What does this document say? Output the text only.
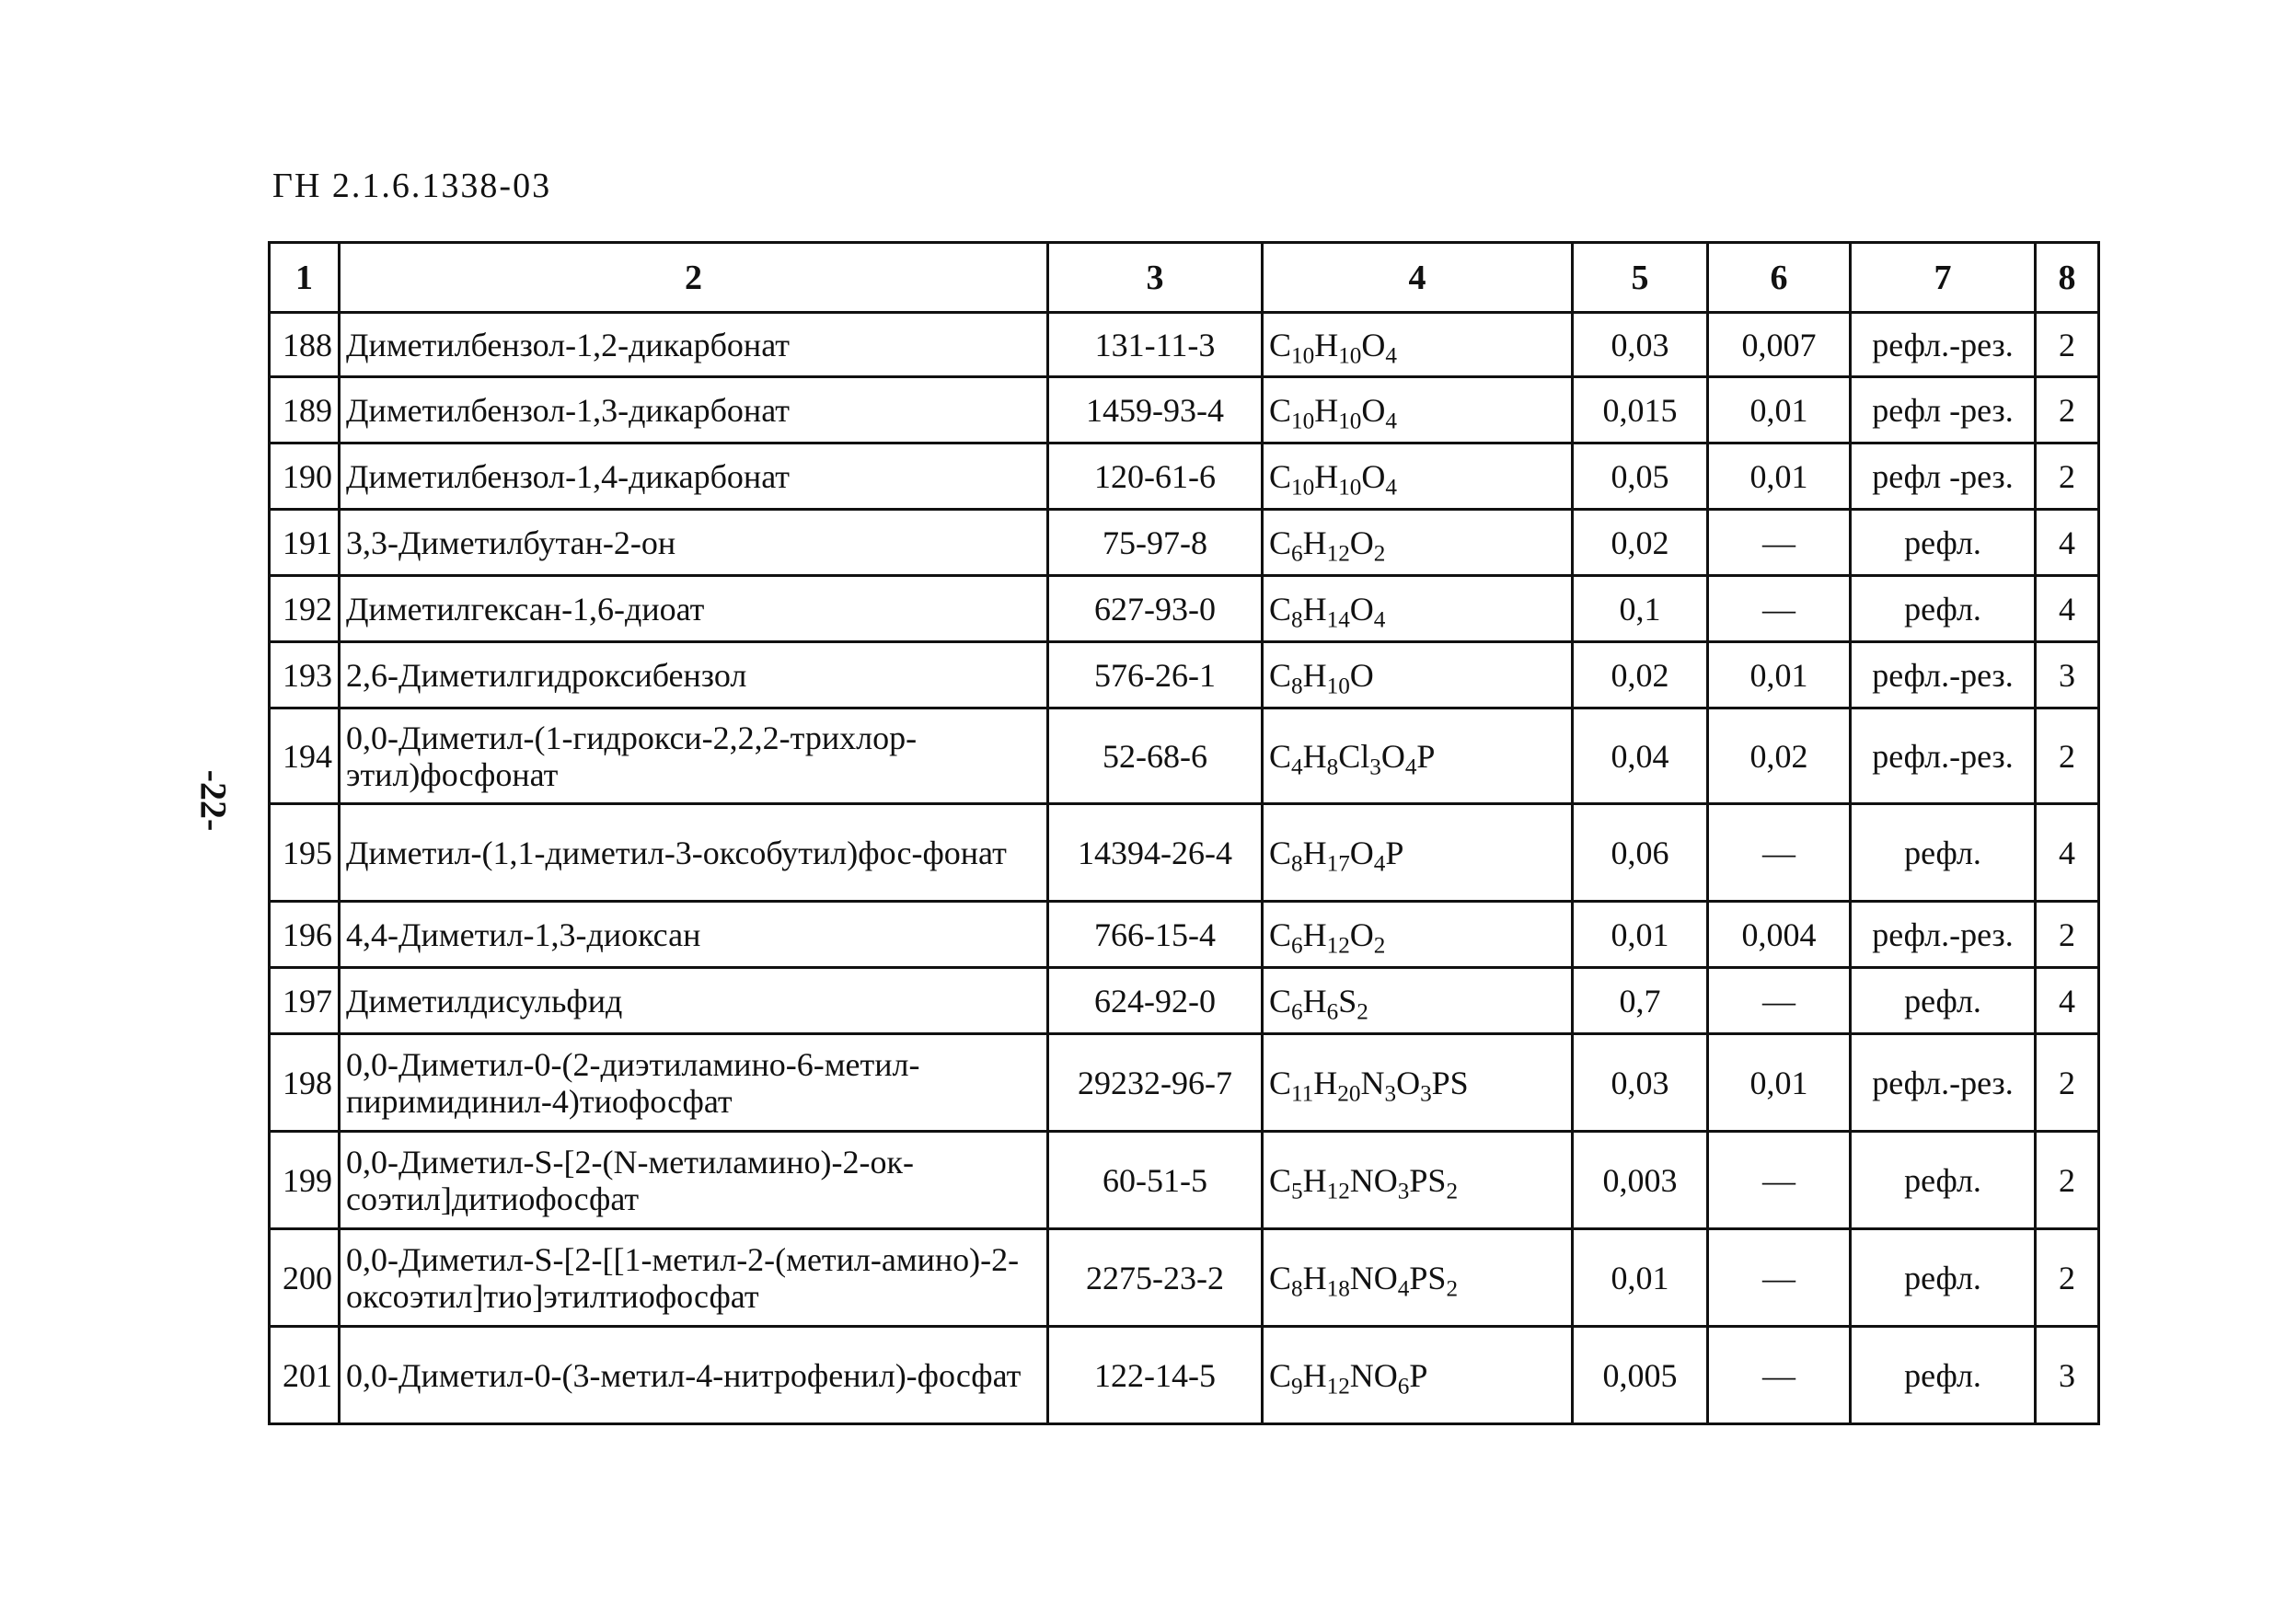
ГН 2.1.6.1338-03
-22-
1	2	3	4	5	6	7	8
188	Диметилбензол-1,2-дикарбонат	131-11-3	$C_{10}H_{10}O_4$	0,03	0,007	рефл.-рез.	2
189	Диметилбензол-1,3-дикарбонат	1459-93-4	$C_{10}H_{10}O_4$	0,015	0,01	рефл -рез.	2
190	Диметилбензол-1,4-дикарбонат	120-61-6	$C_{10}H_{10}O_4$	0,05	0,01	рефл -рез.	2
191	3,3-Диметилбутан-2-он	75-97-8	$C_6H_{12}O_2$	0,02	—	рефл.	4
192	Диметилгексан-1,6-диоат	627-93-0	$C_8H_{14}O_4$	0,1	—	рефл.	4
193	2,6-Диметилгидроксибензол	576-26-1	$C_8H_{10}O$	0,02	0,01	рефл.-рез.	3
194	0,0-Диметил-(1-гидрокси-2,2,2-трихлор-этил)фосфонат	52-68-6	$C_4H_8Cl_3O_4P$	0,04	0,02	рефл.-рез.	2
195	Диметил-(1,1-диметил-3-оксобутил)фос-фонат	14394-26-4	$C_8H_{17}O_4P$	0,06	—	рефл.	4
196	4,4-Диметил-1,3-диоксан	766-15-4	$C_6H_{12}O_2$	0,01	0,004	рефл.-рез.	2
197	Диметилдисульфид	624-92-0	$C_6H_6S_2$	0,7	—	рефл.	4
198	0,0-Диметил-0-(2-диэтиламино-6-метил-пиримидинил-4)тиофосфат	29232-96-7	$C_{11}H_{20}N_3O_3PS$	0,03	0,01	рефл.-рез.	2
199	0,0-Диметил-S-[2-(N-метиламино)-2-ок-соэтил]дитиофосфат	60-51-5	$C_5H_{12}NO_3PS_2$	0,003	—	рефл.	2
200	0,0-Диметил-S-[2-[[1-метил-2-(метил-амино)-2-оксоэтил]тио]этилтиофосфат	2275-23-2	$C_8H_{18}NO_4PS_2$	0,01	—	рефл.	2
201	0,0-Диметил-0-(3-метил-4-нитрофенил)-фосфат	122-14-5	$C_9H_{12}NO_6P$	0,005	—	рефл.	3
